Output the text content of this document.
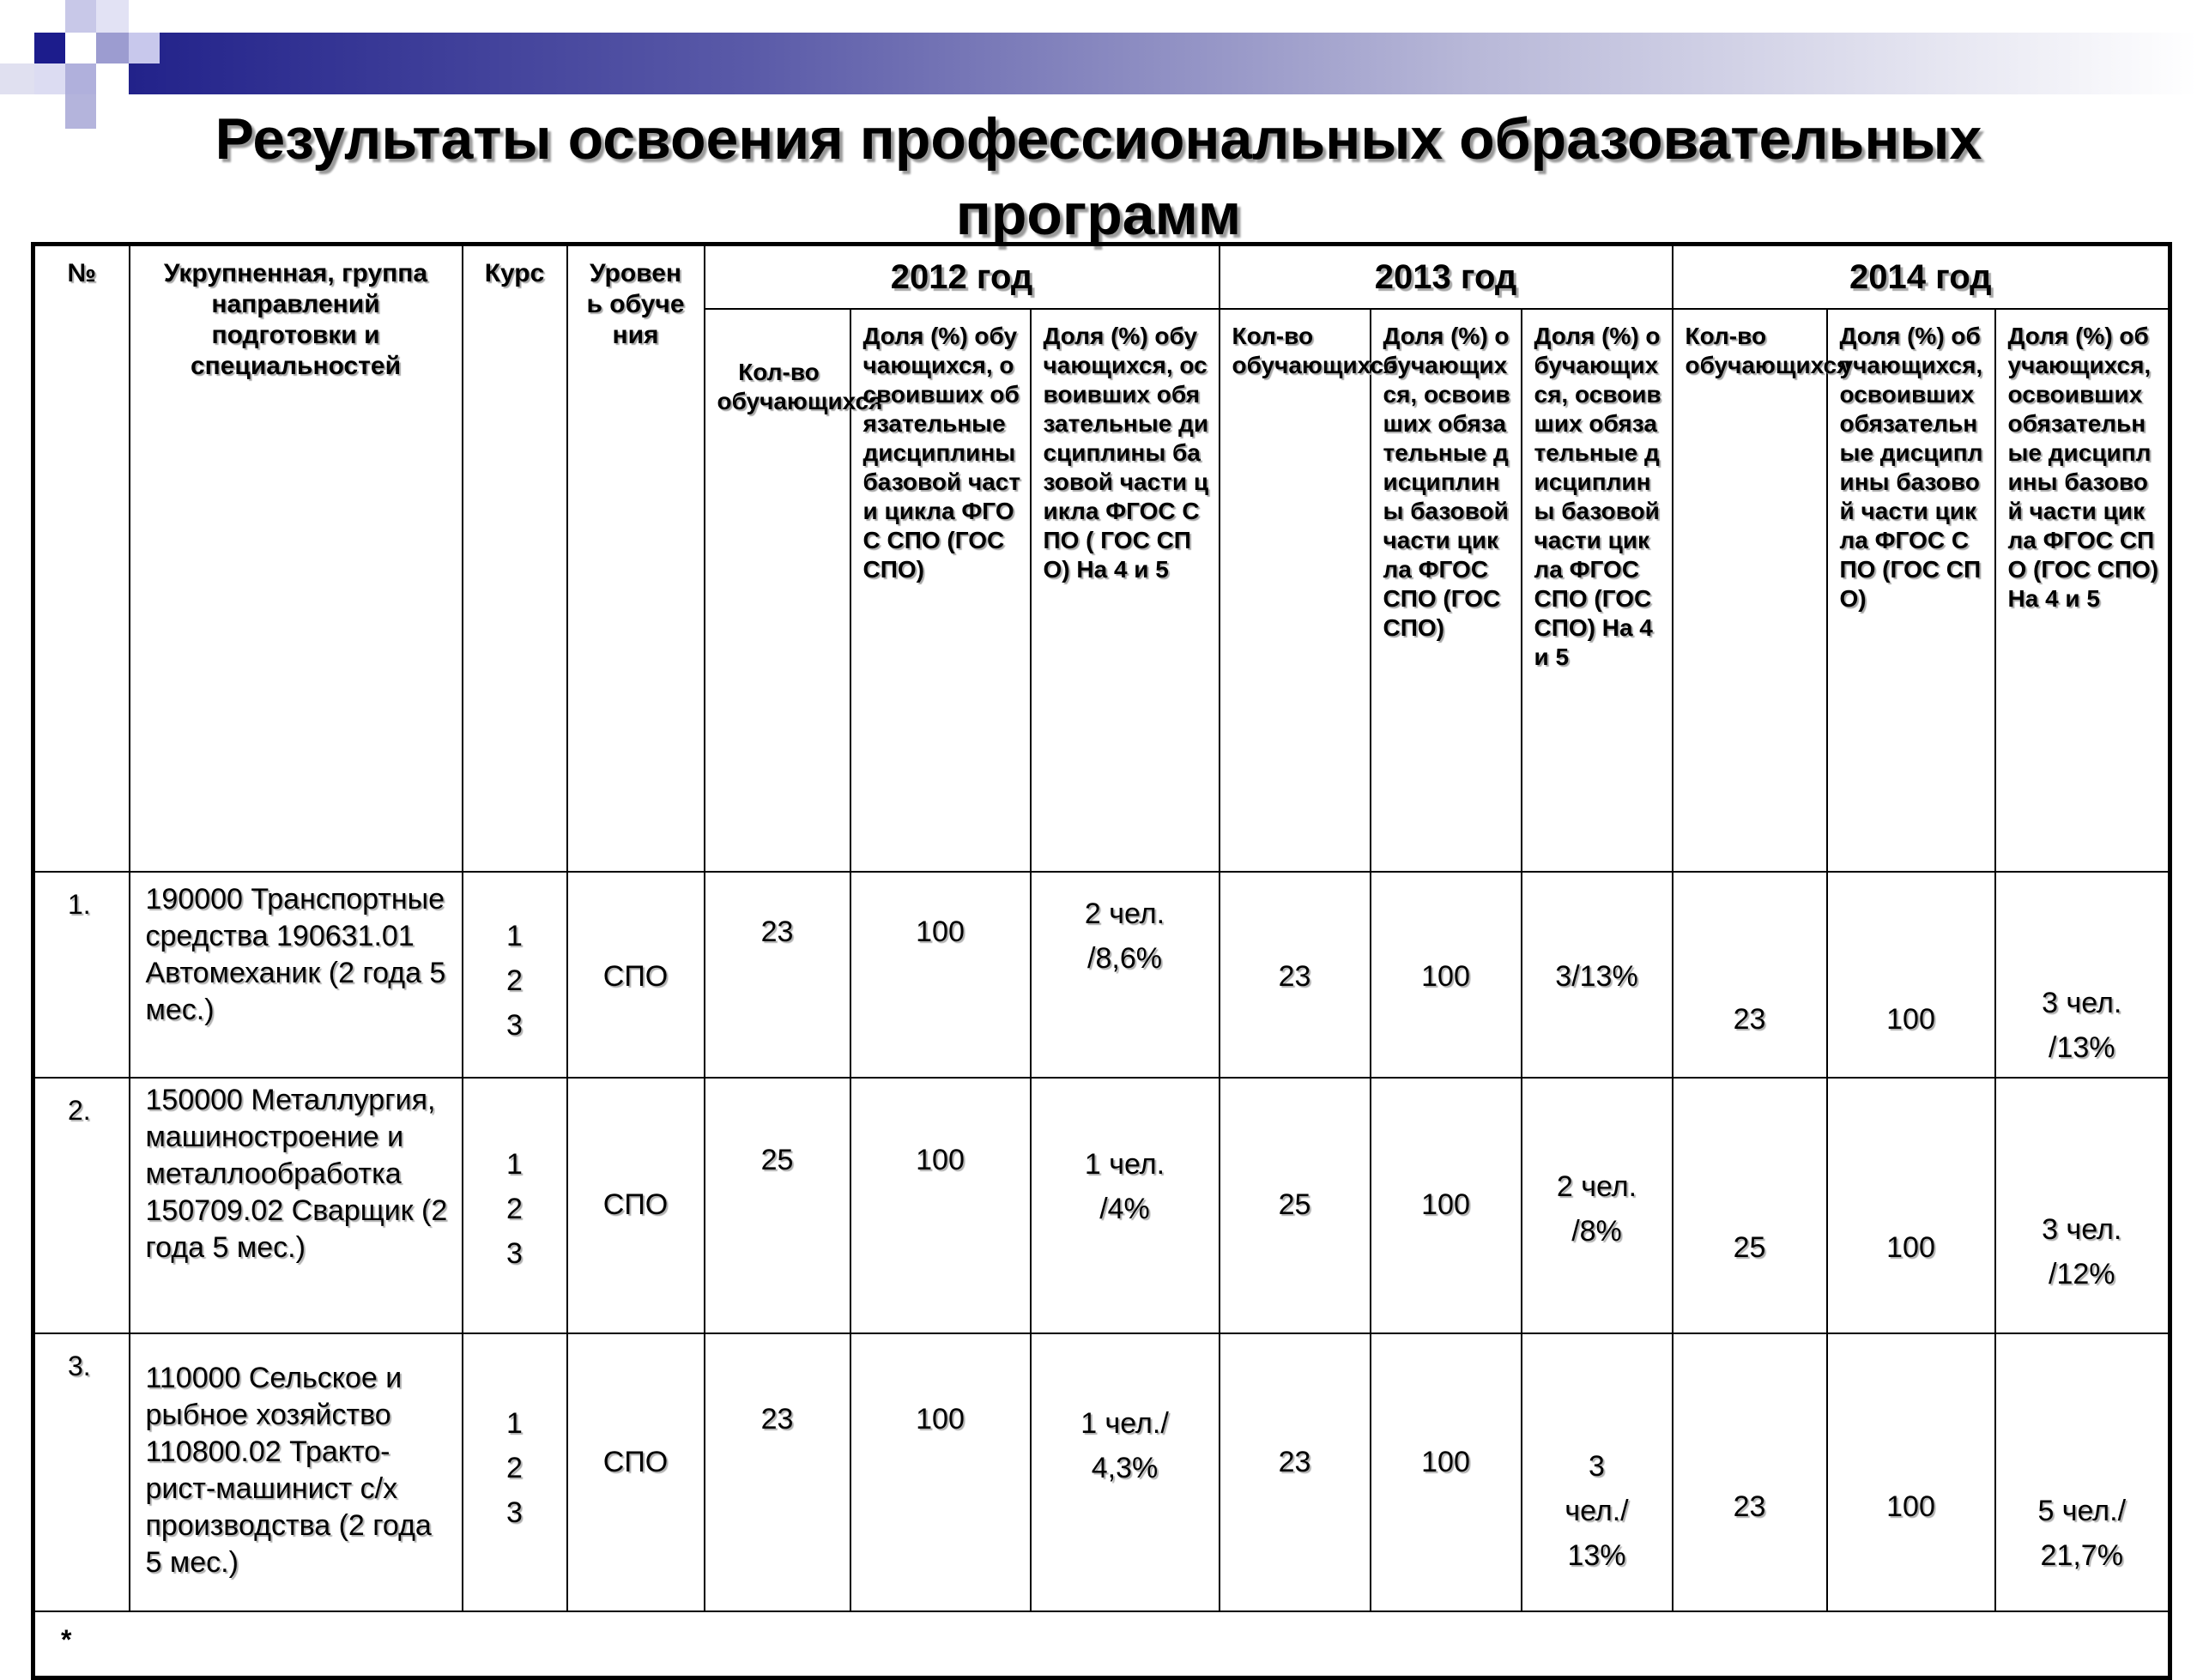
Результаты освоения профессиональных образовательных программ
№	Укрупненная, группа направлений подготовки и специальностей	Курс	Уровень обучения	2012 год			2013 год			2014 год		
				Кол-во обучающихся	Доля (%) обучающихся, освоивших обязательные дисциплины базовой части цикла ФГОС СПО (ГОС СПО)	Доля (%) обучающихся, освоивших обязательные дисциплины базовой части цикла ФГОС СПО ( ГОС СПО) На 4 и 5	Кол-во обучающихся	Доля (%) обучающихся, освоивших обязательные дисциплины базовой части цикла ФГОС СПО (ГОС СПО)	Доля (%) обучающихся, освоивших обязательные дисциплины базовой части цикла ФГОС СПО (ГОС СПО) На 4 и 5	Кол-во обучающихся	Доля (%) обучающихся, освоивших обязательные дисциплины базовой части цикла ФГОС СПО (ГОС СПО)	Доля (%) обучающихся, освоивших обязательные дисциплины базовой части цикла ФГОС СПО (ГОС СПО) На 4 и 5
1.	190000 Транспортные средства 190631.01 Автомеханик (2 года 5 мес.)	1 2 3	СПО	23	100	2 чел. /8,6%	23	100	3/13%	23	100	3 чел. /13%
2.	150000 Металлургия, машиностроение и металлообработка 150709.02 Сварщик (2 года 5 мес.)	1 2 3	СПО	25	100	1 чел. /4%	25	100	2 чел. /8%	25	100	3 чел. /12%
3.	110000 Сельское и рыбное хозяйство 110800.02 Тракто-рист-машинист с/х производства (2 года 5 мес.)	1 2 3	СПО	23	100	1 чел./ 4,3%	23	100	3 чел./ 13%	23	100	5 чел./ 21,7%
*												
